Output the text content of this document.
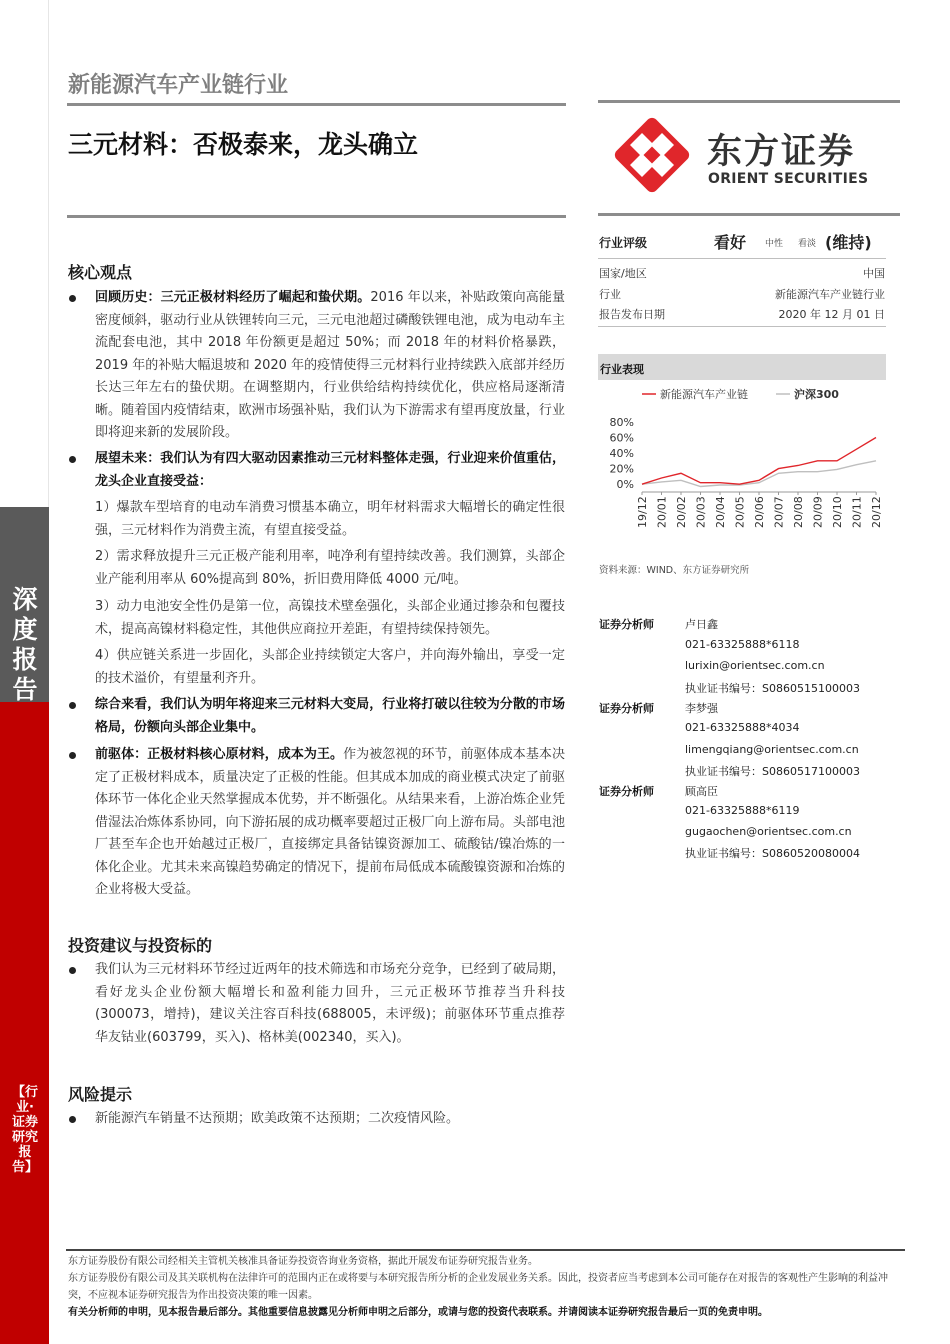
深度报告
【行业·证券研究报告】
新能源汽车产业链行业
三元材料：否极泰来，龙头确立	东方证券
ORIENT SECURITIES
行业评级	看好 中性 看淡 (维持)
国家/地区	中国
行业	新能源汽车产业链行业
报告发布日期	2020 年 12 月 01 日
行业表现
新能源汽车产业链	沪深300
80%
60%
40%
20%
0%
19/12 20/01 20/02 20/03 20/04 20/05 20/06 20/07 20/08 20/09 20/10 20/11 20/12
资料来源：WIND、东方证券研究所
证券分析师	卢日鑫
021-63325888*6118
lurixin@orientsec.com.cn
执业证书编号：S0860515100003
证券分析师	李梦强
021-63325888*4034
limengqiang@orientsec.com.cn
执业证书编号：S0860517100003
证券分析师	顾高臣
021-63325888*6119
gugaochen@orientsec.com.cn
执业证书编号：S0860520080004
核心观点
回顾历史：三元正极材料经历了崛起和蛰伏期。2016 年以来，补贴政策向高能量密度倾斜，驱动行业从铁锂转向三元，三元电池超过磷酸铁锂电池，成为电动车主流配套电池，其中 2018 年份额更是超过 50%；而 2018 年的材料价格暴跌，2019 年的补贴大幅退坡和 2020 年的疫情使得三元材料行业持续跌入底部并经历长达三年左右的蛰伏期。在调整期内，行业供给结构持续优化，供应格局逐渐清晰。随着国内疫情结束，欧洲市场强补贴，我们认为下游需求有望再度放量，行业即将迎来新的发展阶段。
展望未来：我们认为有四大驱动因素推动三元材料整体走强，行业迎来价值重估，龙头企业直接受益：
1）爆款车型培育的电动车消费习惯基本确立，明年材料需求大幅增长的确定性很强，三元材料作为消费主流，有望直接受益。
2）需求释放提升三元正极产能利用率，吨净利有望持续改善。我们测算，头部企业产能利用率从 60%提高到 80%，折旧费用降低 4000 元/吨。
3）动力电池安全性仍是第一位，高镍技术壁垒强化，头部企业通过掺杂和包覆技术，提高高镍材料稳定性，其他供应商拉开差距，有望持续保持领先。
4）供应链关系进一步固化，头部企业持续锁定大客户，并向海外输出，享受一定的技术溢价，有望量利齐升。
综合来看，我们认为明年将迎来三元材料大变局，行业将打破以往较为分散的市场格局，份额向头部企业集中。
前驱体：正极材料核心原材料，成本为王。作为被忽视的环节，前驱体成本基本决定了正极材料成本，质量决定了正极的性能。但其成本加成的商业模式决定了前驱体环节一体化企业天然掌握成本优势，并不断强化。从结果来看，上游冶炼企业凭借湿法冶炼体系协同，向下游拓展的成功概率要超过正极厂向上游布局。头部电池厂甚至车企也开始越过正极厂，直接绑定具备钴镍资源加工、硫酸钴/镍冶炼的一体化企业。尤其未来高镍趋势确定的情况下，提前布局低成本硫酸镍资源和冶炼的企业将极大受益。
投资建议与投资标的
我们认为三元材料环节经过近两年的技术筛选和市场充分竞争，已经到了破局期，看好龙头企业份额大幅增长和盈利能力回升，三元正极环节推荐当升科技(300073，增持)，建议关注容百科技(688005，未评级)；前驱体环节重点推荐华友钴业(603799，买入)、格林美(002340，买入)。
风险提示
新能源汽车销量不达预期；欧美政策不达预期；二次疫情风险。
东方证券股份有限公司经相关主管机关核准具备证券投资咨询业务资格，据此开展发布证券研究报告业务。
东方证券股份有限公司及其关联机构在法律许可的范围内正在或将要与本研究报告所分析的企业发展业务关系。因此，投资者应当考虑到本公司可能存在对报告的客观性产生影响的利益冲突，不应视本证券研究报告为作出投资决策的唯一因素。
有关分析师的申明，见本报告最后部分。其他重要信息披露见分析师申明之后部分，或请与您的投资代表联系。并请阅读本证券研究报告最后一页的免责申明。
